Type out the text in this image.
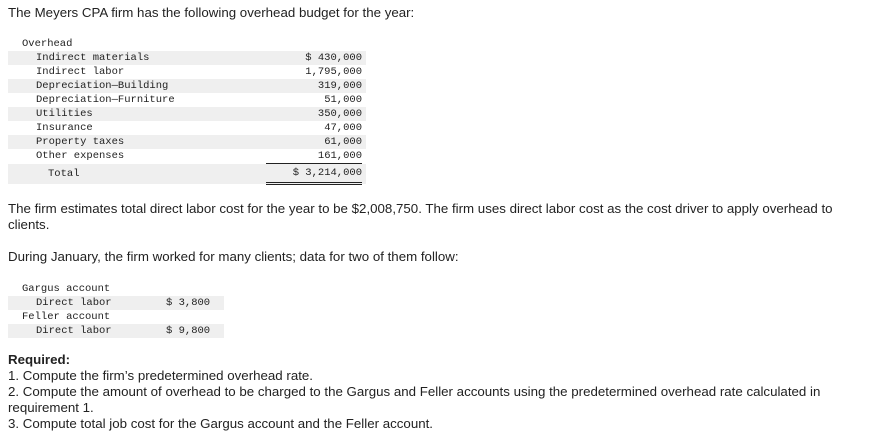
The Meyers CPA firm has the following overhead budget for the year:

Overhead			
Indirect materials		$ 430,000	
Indirect labor		1,795,000	
Depreciation—Building		319,000	
Depreciation—Furniture		51,000	
Utilities		350,000	
Insurance		47,000	
Property taxes		61,000	
Other expenses		161,000	
Total		$ 3,214,000	

The firm estimates total direct labor cost for the year to be $2,008,750. The firm uses direct labor cost as the cost driver to apply overhead to clients.

During January, the firm worked for many clients; data for two of them follow:

Gargus account	
Direct labor	$ 3,800
Feller account	
Direct labor	$ 9,800
Required:
1. Compute the firm’s predetermined overhead rate.
2. Compute the amount of overhead to be charged to the Gargus and Feller accounts using the predetermined overhead rate calculated in requirement 1.
3. Compute total job cost for the Gargus account and the Feller account.
